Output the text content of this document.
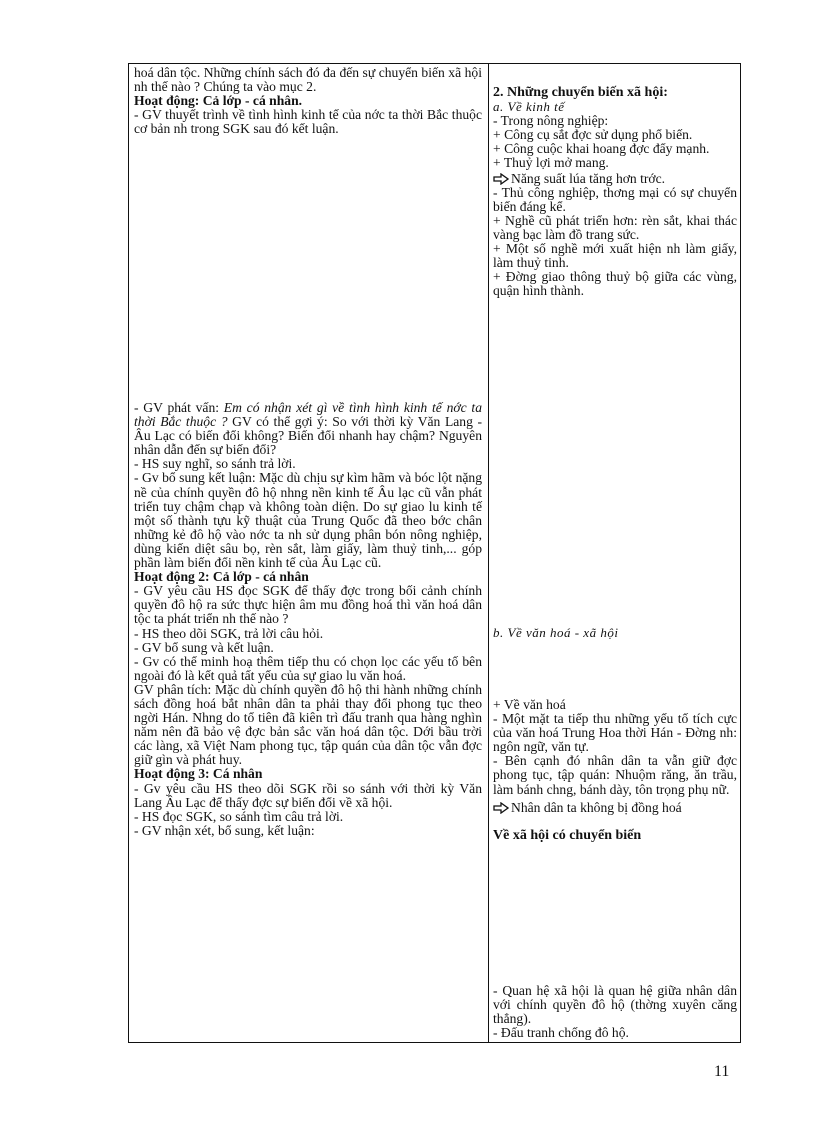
hoá dân tộc. Những chính sách đó đa đến sự chuyển biến xã hội nh thế nào ? Chúng ta vào mục 2.

Hoạt động: Cả lớp - cá nhân.

- GV thuyết trình về tình hình kinh tế của nớc ta thời Bắc thuộc cơ bản nh trong SGK sau đó kết luận.

- GV phát vấn: Em có nhận xét gì về tình hình kinh tế nớc ta thời Bắc thuộc ? GV có thể gợi ý: So với thời kỳ Văn Lang - Âu Lạc có biến đổi không? Biến đổi nhanh hay chậm? Nguyên nhân dẫn đến sự biến đổi?

- HS suy nghĩ, so sánh trả lời.

- Gv bổ sung kết luận: Mặc dù chịu sự kìm hãm và bóc lột nặng nề của chính quyền đô hộ nhng nền kinh tế Âu lạc cũ vẫn phát triển tuy chậm chạp và không toàn diện. Do sự giao lu kinh tế một số thành tựu kỹ thuật của Trung Quốc đã theo bớc chân những kẻ đô hộ vào nớc ta nh sử dụng phân bón nông nghiệp, dùng kiến diệt sâu bọ, rèn sắt, làm giấy, làm thuỷ tinh,... góp phần làm biến đổi nền kinh tế của Âu Lạc cũ.

Hoạt động 2: Cả lớp - cá nhân

- GV yêu cầu HS đọc SGK để thấy đợc trong bối cảnh chính quyền đô hộ ra sức thực hiện âm mu đồng hoá thì văn hoá dân tộc ta phát triển nh thế nào ?

- HS theo dõi SGK, trả lời câu hỏi.

- GV bổ sung và kết luận.

- Gv có thể minh hoạ thêm tiếp thu có chọn lọc các yếu tố bên ngoài đó là kết quả tất yếu của sự giao lu văn hoá.

GV phân tích: Mặc dù chính quyền đô hộ thi hành những chính sách đồng hoá bắt nhân dân ta phải thay đổi phong tục theo ngời Hán. Nhng do tổ tiên đã kiên trì đấu tranh qua hàng nghìn năm nên đã bảo vệ đợc bản sắc văn hoá dân tộc. Dới bầu trời các làng, xã Việt Nam phong tục, tập quán của dân tộc vẫn đợc giữ gìn và phát huy.

Hoạt động 3: Cá nhân

- Gv yêu cầu HS theo dõi SGK rồi so sánh với thời kỳ Văn Lang Âu Lạc để thấy đợc sự biến đổi về xã hội.

- HS đọc SGK, so sánh tìm câu trả lời.

- GV nhận xét, bổ sung, kết luận:

2. Những chuyển biến xã hội:

a. Về kinh tế

- Trong nông nghiệp:

+ Công cụ sắt đợc sử dụng phổ biến.

+ Công cuộc khai hoang đợc đẩy mạnh.

+ Thuỷ lợi mở mang.

Năng suất lúa tăng hơn trớc.

- Thủ công nghiệp, thơng mại có sự chuyển biến đáng kể.

+ Nghề cũ phát triển hơn: rèn sắt, khai thác vàng bạc làm đồ trang sức.

+ Một số nghề mới xuất hiện nh làm giấy, làm thuỷ tinh.

+ Đờng giao thông thuỷ bộ giữa các vùng, quận hình thành.

b. Về văn hoá - xã hội

+ Về văn hoá

- Một mặt ta tiếp thu những yếu tố tích cực của văn hoá Trung Hoa thời Hán - Đờng nh: ngôn ngữ, văn tự.

- Bên cạnh đó nhân dân ta vẫn giữ đợc phong tục, tập quán: Nhuộm răng, ăn trầu, làm bánh chng, bánh dày, tôn trọng phụ nữ.

Nhân dân ta không bị đồng hoá

Về xã hội có chuyển biến

- Quan hệ xã hội là quan hệ giữa nhân dân với chính quyền đô hộ (thờng xuyên căng thẳng).

- Đấu tranh chống đô hộ.

11
